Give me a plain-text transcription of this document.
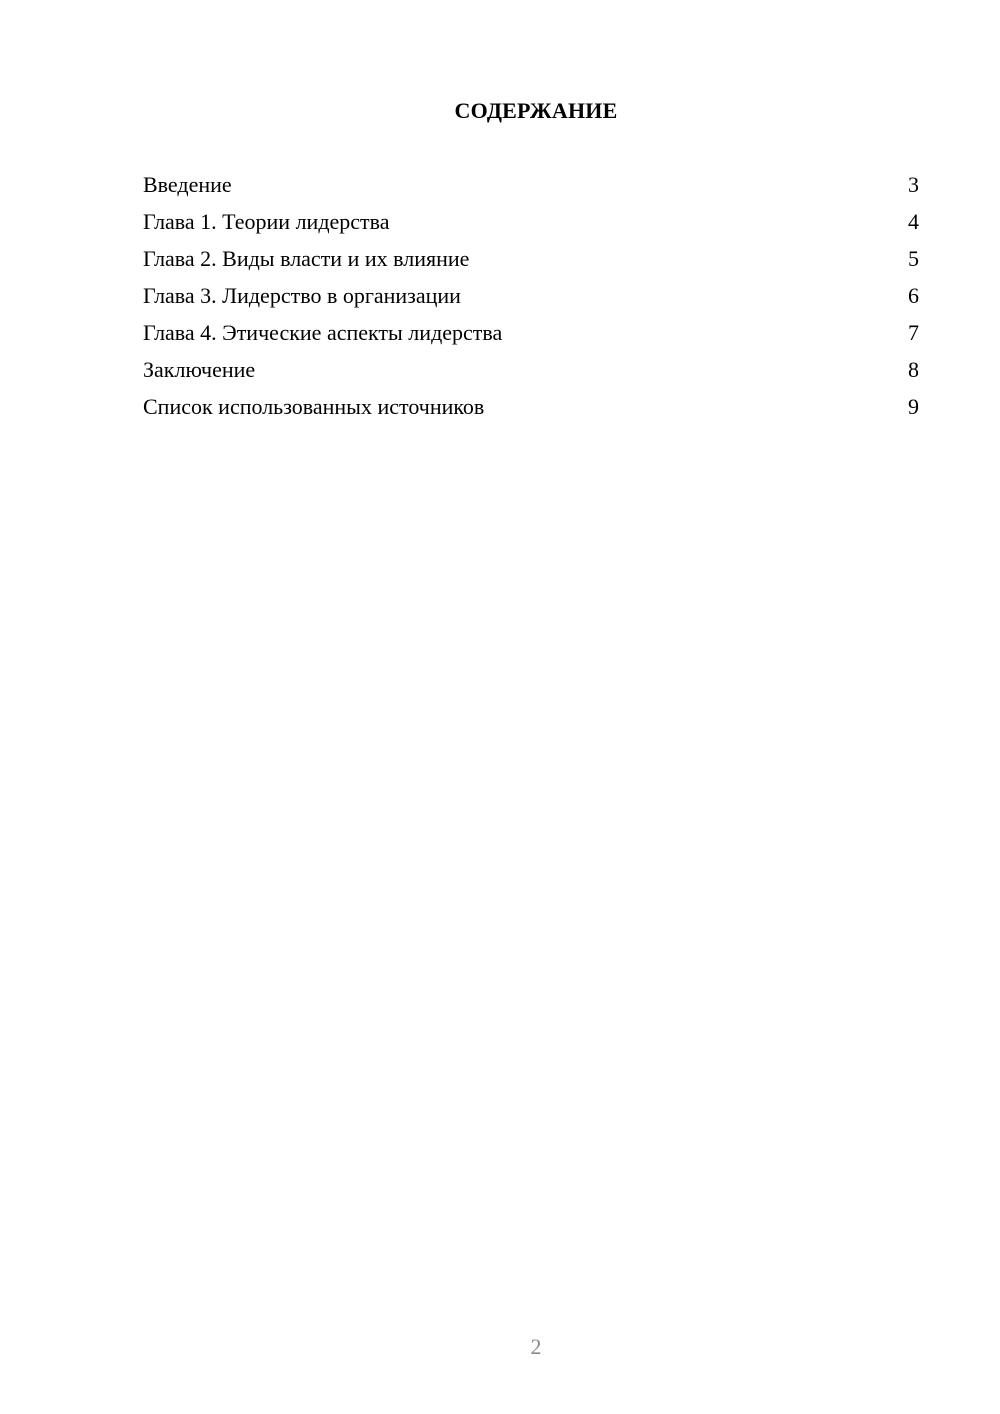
СОДЕРЖАНИЕ
Введение	3
Глава 1. Теории лидерства	4
Глава 2. Виды власти и их влияние	5
Глава 3. Лидерство в организации	6
Глава 4. Этические аспекты лидерства	7
Заключение	8
Список использованных источников	9
2
